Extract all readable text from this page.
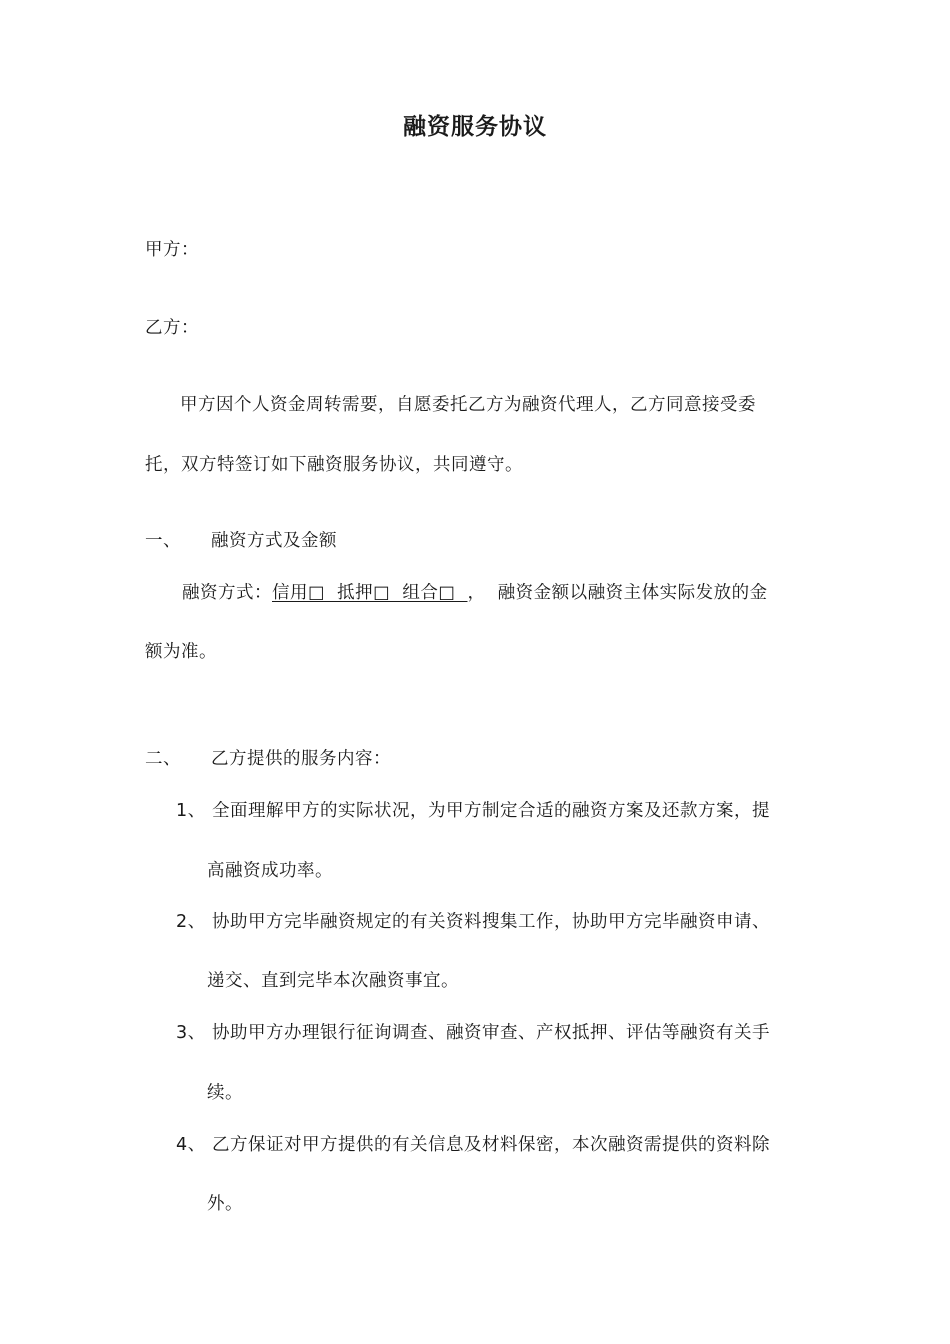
融资服务协议
甲方：
乙方：
甲方因个人资金周转需要，自愿委托乙方为融资代理人，乙方同意接受委
托，双方特签订如下融资服务协议，共同遵守。
一、 融资方式及金额
融资方式：信用□  抵押□  组合□  ，  融资金额以融资主体实际发放的金
额为准。
二、 乙方提供的服务内容：
1、 全面理解甲方的实际状况，为甲方制定合适的融资方案及还款方案，提
高融资成功率。
2、 协助甲方完毕融资规定的有关资料搜集工作，协助甲方完毕融资申请、
递交、直到完毕本次融资事宜。
3、 协助甲方办理银行征询调查、融资审查、产权抵押、评估等融资有关手
续。
4、 乙方保证对甲方提供的有关信息及材料保密，本次融资需提供的资料除
外。
